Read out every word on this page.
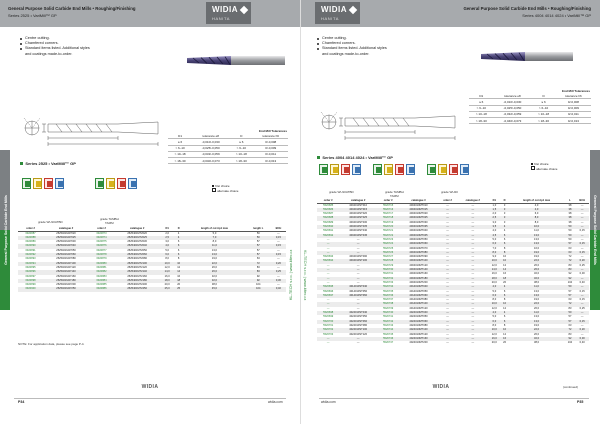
General Purpose Solid Carbide End Mills • Roughing/Finishing
Series 2525 • VariMill™ GP
WIDIA
HANITA
General Purpose Solid Carbide End Mills
KL-TECH s.r.o. | www.kltec.cz
Centre cutting.
Chamfered corners.
Standard items listed. Additional styles and coatings made-to-order.
End Mill Tolerances			
D1	tolerance e8	D	tolerance h6
≤ 6	-0,010/-0,030	≤ 6	0/-0,008
> 6–10	-0,025/-0,050	> 6–10	0/-0,009
> 10–18	-0,032/-0,059	> 10–18	0/-0,011
> 18–30	-0,040/-0,073	> 18–30	0/-0,013
Series 2525 • VariMill™ GP
first choice
alternate choice
grade WU10ATBD
grade TAMBH
TAMM
order #	catalogue #	order #	catalogue #	D1	D	length of cut Ap1 max	length L	BCH
6920887	2525401M47020	6920873	2525401MT2020	2,0	4	5,0	50	—
6920888	2525401M47025	6920874	2525401MT2025	2,5	4	7,0	50	0,15
6920889	2525401M47030	6920875	2525401MT2030	3,0	6	8,0	57	—
6920890	2525401M47040	6920876	2525401MT2040	4,0	6	11,0	57	0,15
6920891	2525401M47050	6920877	2525401MT2050	5,0	6	13,0	57	—
6920892	2525401M47060	6920878	2525401MT2060	6,0	6	13,0	57	0,15
6920893	2525401M47080	6920879	2525401MT2080	8,0	8	19,0	63	—
6920894	2525401M47100	6920880	2525401MT2100	10,0	10	22,0	72	0,20
6920895	2525401M47120	6920881	2525401MT2120	12,0	12	26,0	83	—
6920896	2525401M47140	6920882	2525401MT2140	14,0	14	26,0	83	0,25
6920897	2525401M47160	6920883	2525401MT2160	16,0	16	32,0	92	—
6920898	2525401M47180	6920884	2525401MT2180	18,0	18	32,0	92	0,30
6920899	2525401M47200	6920885	2525401MT2200	20,0	20	38,0	104	—
6920900	2525401M47250	6920886	2525401MT2250	25,0	25	45,0	104	0,40
NOTE: For application data, please see page P-4.
WIDIA
P34	widia.com
General Purpose Solid Carbide End Mills • Roughing/Finishing
Series 4004 4014 4024 • VariMill™ GP
WIDIA
HANITA
General Purpose Solid Carbide End Mills
KL-TECH s.r.o. | www.kltec.cz
Centre cutting.
Chamfered corners.
Standard items listed. Additional styles and coatings made-to-order.
End Mill Tolerances			
D1	tolerance e8	D	tolerance h6
≤ 6	-0,010/-0,030	≤ 6	0/-0,008
> 6–10	-0,025/-0,050	> 6–10	0/-0,009
> 10–18	-0,032/-0,059	> 10–18	0/-0,011
> 18–30	-0,040/-0,073	> 18–30	0/-0,013
Series 4004 4014 4024 • VariMill™ GP
first choice
alternate choice
grade WU10ATBD	grade TAMBH
TAMM
grade WU20
order #	catalogue #	order #	catalogue #	order #	catalogue #	D1	D	length of cut Ap1 max	L	BCH
5520685	4004010ST010	5520715	4004010MT010	—	—	1,0	3	4,0	38	—
5520686	4004010ST015	5520716	4004010MT015	—	—	1,5	3	4,0	38	—
5520687	4004010ST020	5520717	4004010MT020	—	—	2,0	3	6,0	38	—
5520688	4004010ST025	5520718	4004010MT025	—	—	2,5	3	8,0	38	—
5520689	4004010ST030	5520719	4004010MT030	—	—	3,0	3	8,0	38	—
5520690	4004010ST035	5520720	4004010MT035	—	—	3,5	4	10,0	50	—
5520691	4004010ST040	5520721	4004010MT040	—	—	4,0	4	11,0	50	0,15
5520692	4004010ST045	5520722	4004010MT045	—	—	4,5	6	13,0	50	—
—	—	5520723	4004010MT050	—	—	5,0	6	13,0	50	—
—	—	5520724	4004010MT060	—	—	6,0	6	13,0	57	0,15
—	—	5520725	4004010MT070	—	—	7,0	8	16,0	63	—
—	—	5520726	4004010MT080	—	—	8,0	8	19,0	63	0,15
5520693	4004010ST090	5520727	4004010MT090	—	—	9,0	10	19,0	72	—
5520694	4004010ST100	5520728	4004010MT100	—	—	10,0	10	22,0	72	0,20
—	—	5520729	4004010MT120	—	—	12,0	12	26,0	83	0,25
—	—	5520730	4004010MT140	—	—	14,0	14	26,0	83	—
—	—	5520731	4004010MT160	—	—	16,0	16	32,0	92	0,30
—	—	5520732	4004010MT180	—	—	18,0	18	32,0	92	—
—	—	5520733	4004010MT200	—	—	20,0	20	38,0	104	0,40
5520695	4014010ST040	5520734	4014010MT040	—	—	4,0	4	11,0	50	—
5520696	4014010ST050	5520735	4014010MT050	—	—	5,0	6	13,0	57	0,15
5520697	4014010ST060	5520736	4014010MT060	—	—	6,0	6	13,0	57	—
—	—	5520737	4014010MT080	—	—	8,0	8	19,0	63	0,15
—	—	5520738	4014010MT100	—	—	10,0	10	22,0	72	—
—	—	5520739	4014010MT120	—	—	12,0	12	26,0	83	0,25
5520698	4024010ST040	5520740	4024010MT040	—	—	4,0	4	11,0	50	—
5520699	4024010ST050	5520741	4024010MT050	—	—	5,0	6	13,0	57	—
5520700	4024010ST060	5520742	4024010MT060	—	—	6,0	6	13,0	57	0,15
5520701	4024010ST080	5520743	4024010MT080	—	—	8,0	8	19,0	63	—
5520702	4024010ST100	5520744	4024010MT100	—	—	10,0	10	22,0	72	0,20
5520703	4024010ST120	5520745	4024010MT120	—	—	12,0	12	26,0	83	—
—	—	5520746	4024010MT160	—	—	16,0	16	32,0	92	0,30
—	—	5520747	4024010MT200	—	—	20,0	20	38,0	104	0,40
(continued)
WIDIA
widia.com	P35
